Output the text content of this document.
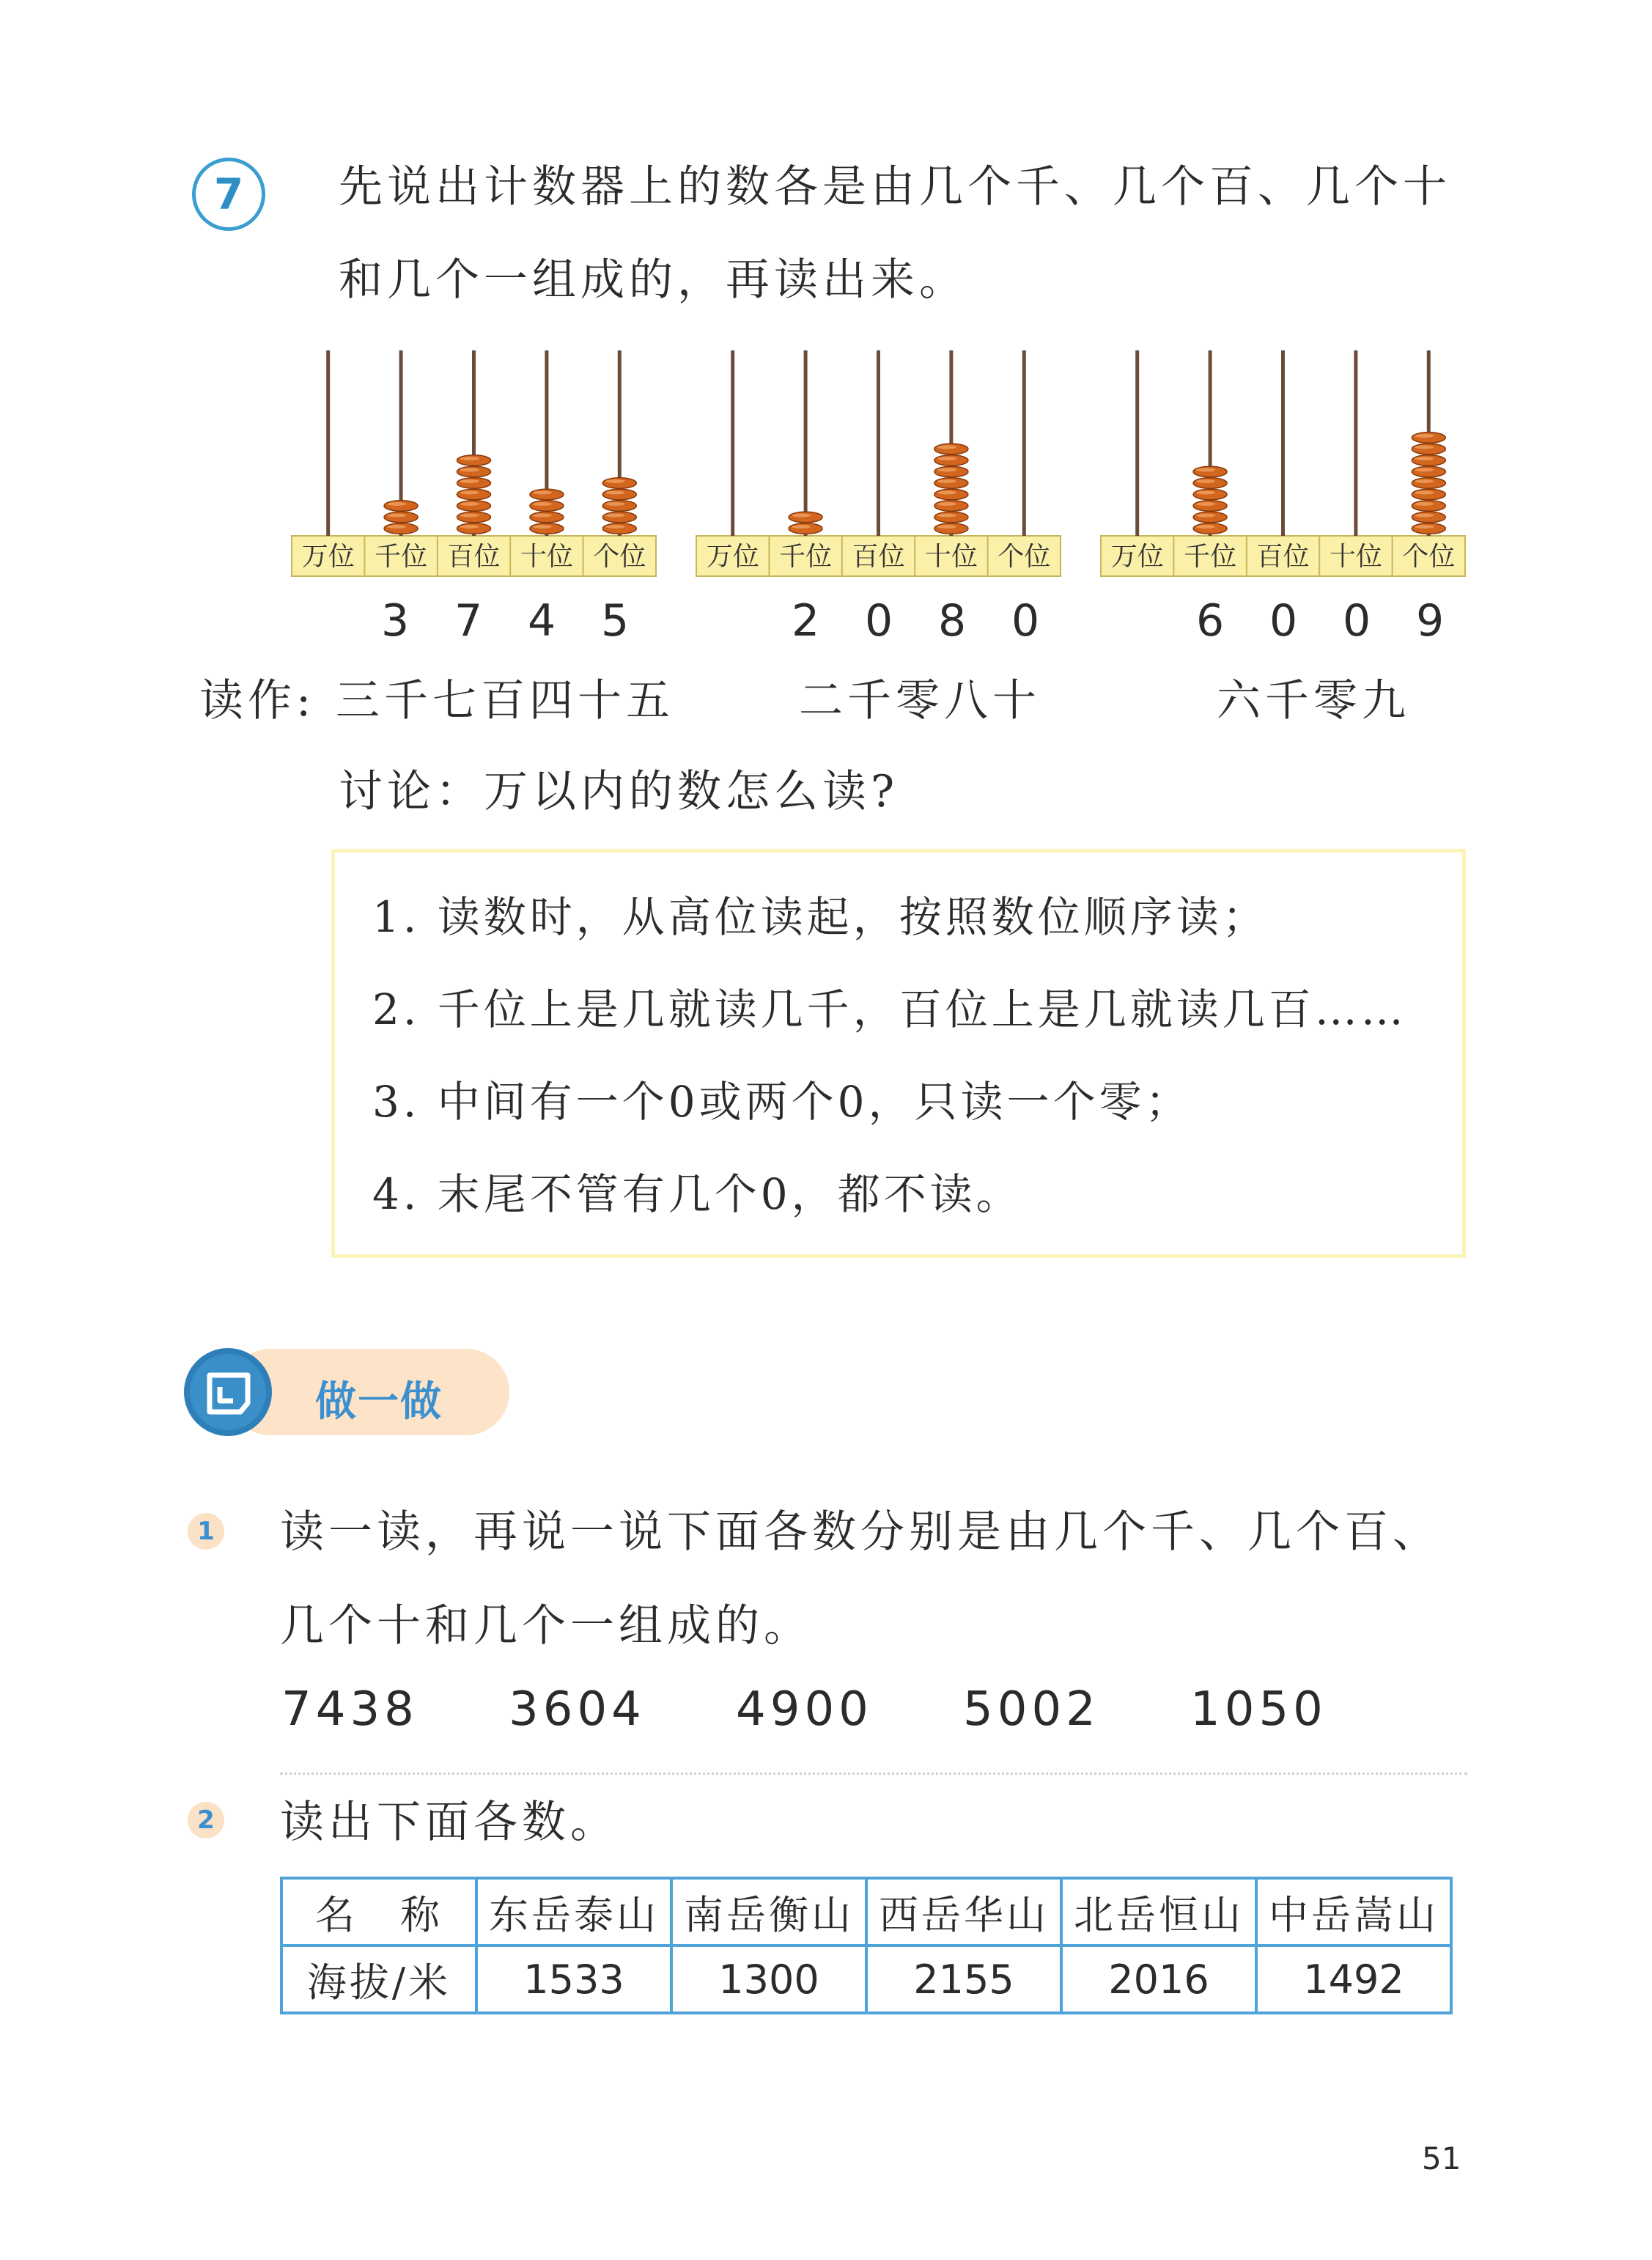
7 先说出计数器上的数各是由几个千、几个百、几个十
和几个一组成的，再读出来。
万位 千位 百位 十位 个位 万位 千位 百位 十位 个位 万位 千位 百位 十位 个位
3 7 4 5	2 0 8 0	6 0 0 9
读作: 三千七百四十五	二千零八十	六千零九
讨论：万以内的数怎么读?
1. 读数时，从高位读起，按照数位顺序读；
2. 千位上是几就读几千，百位上是几就读几百……
3. 中间有一个0或两个0，只读一个零；
4. 末尾不管有几个0，都不读。
做一做
1 读一读，再说一说下面各数分别是由几个千、几个百、
几个十和几个一组成的。
7438 3604 4900 5002 1050
2 读出下面各数。
名　称	东岳泰山	南岳衡山	西岳华山	北岳恒山	中岳嵩山
海拔/米	1533	1300	2155	2016	1492
51
